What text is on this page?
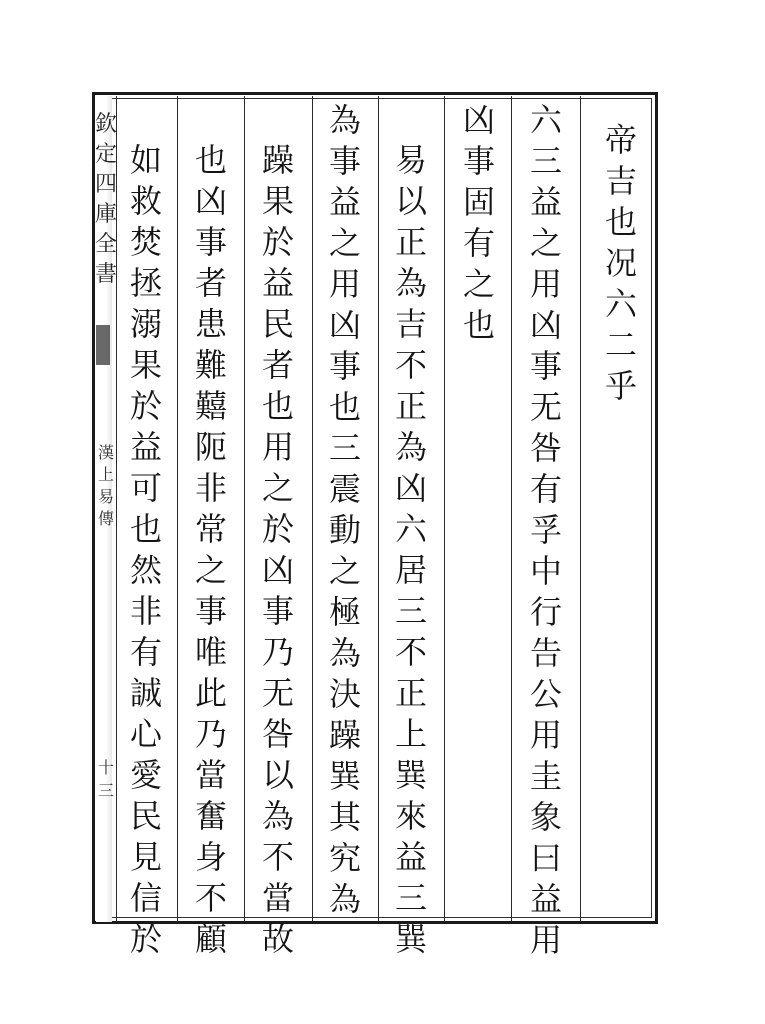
欽
定
四
庫
全
書
漢
上
易
傳
十三
帝
吉
也
况
六
二
乎
六
三
益
之
用
凶
事
无
咎
有
孚
中
行
告
公
用
圭
象
曰
益
用
凶
事
固
有
之
也
易
以
正
為
吉
不
正
為
凶
六
居
三
不
正
上
巽
來
益
三
巽
為
事
益
之
用
凶
事
也
三
震
動
之
極
為
決
躁
巽
其
究
為
躁
果
於
益
民
者
也
用
之
於
凶
事
乃
无
咎
以
為
不
當
故
也
凶
事
者
患
難
囏
阨
非
常
之
事
唯
此
乃
當
奮
身
不
顧
如
救
焚
拯
溺
果
於
益
可
也
然
非
有
誠
心
愛
民
見
信
於
